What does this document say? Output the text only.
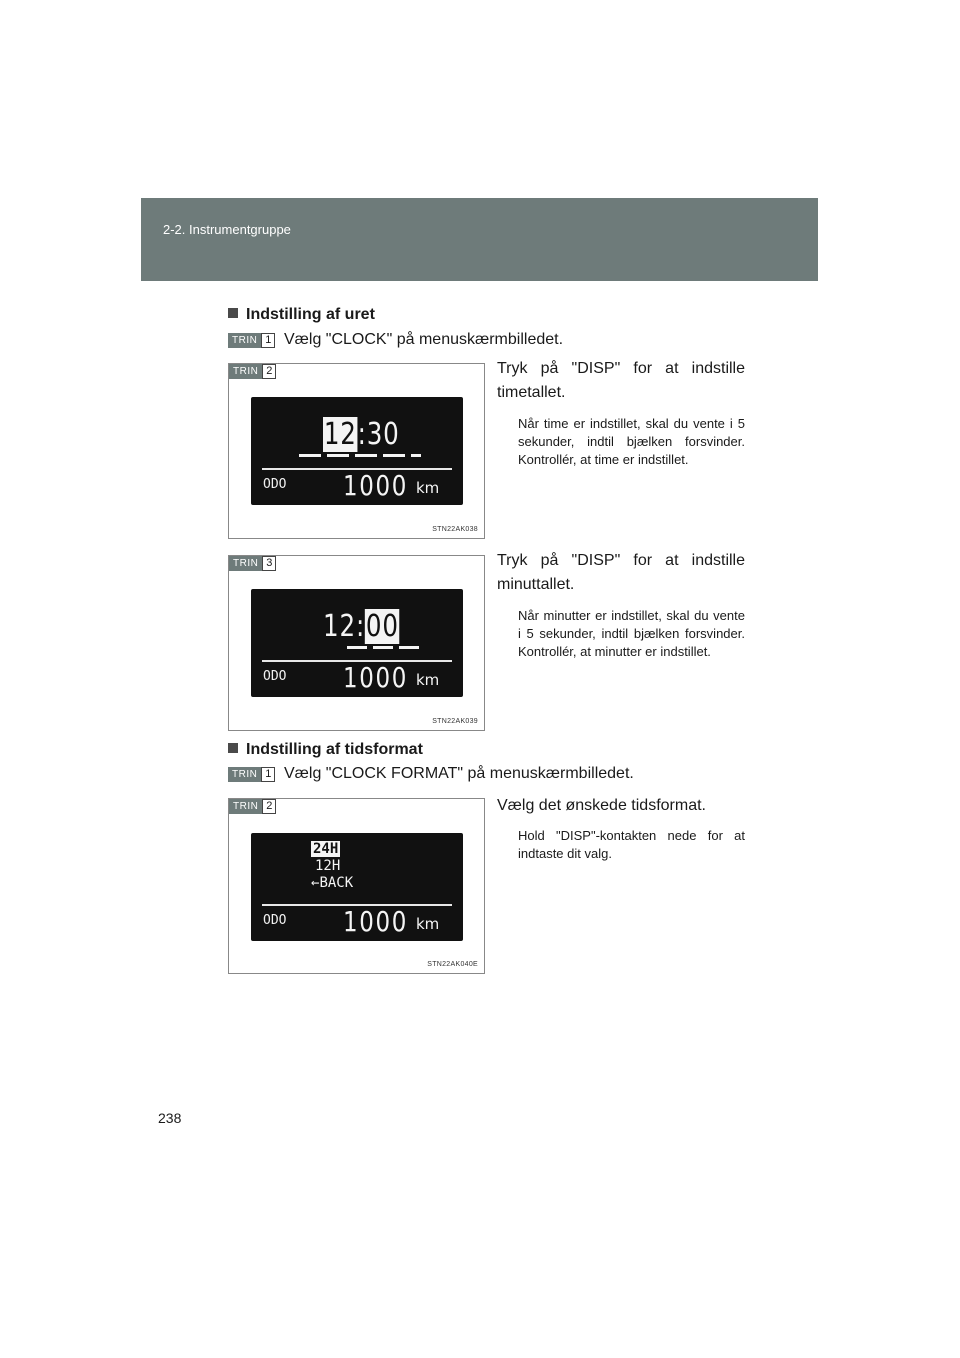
2-2. Instrumentgruppe
Indstilling af uret
TRIN 1 Vælg "CLOCK" på menuskærmbilledet.
TRIN 2
12:30
ODO 1000 km
STN22AK038
Tryk på "DISP" for at indstille timetallet.
Når time er indstillet, skal du vente i 5 sekunder, indtil bjælken forsvinder. Kontrollér, at time er indstillet.
TRIN 3
12:00
ODO 1000 km
STN22AK039
Tryk på "DISP" for at indstille minuttallet.
Når minutter er indstillet, skal du vente i 5 sekunder, indtil bjælken forsvinder. Kontrollér, at minutter er indstillet.
Indstilling af tidsformat
TRIN 1 Vælg "CLOCK FORMAT" på menuskærmbilledet.
TRIN 2
24H
12H
←BACK
ODO 1000 km
STN22AK040E
Vælg det ønskede tidsformat.
Hold "DISP"-kontakten nede for at indtaste dit valg.
238
